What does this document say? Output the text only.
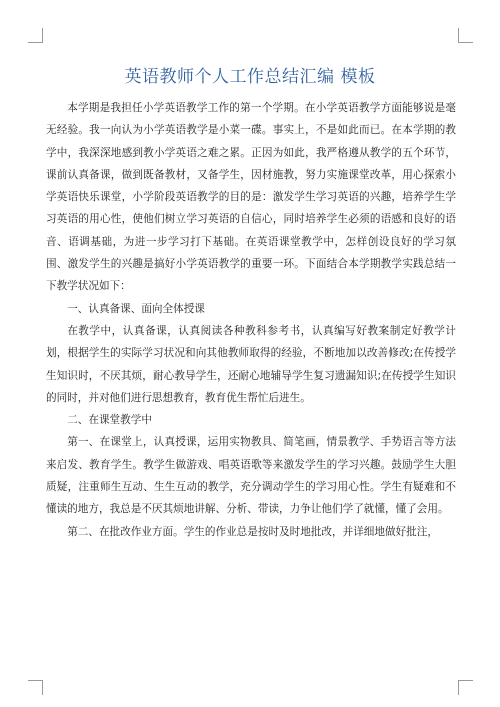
英语教师个人工作总结汇编 模板

本学期是我担任小学英语教学工作的第一个学期。在小学英语教学方面能够说是毫无经验。我一向认为小学英语教学是小菜一碟。事实上，不是如此而已。在本学期的教学中，我深深地感到教小学英语之难之累。正因为如此，我严格遵从教学的五个环节，课前认真备课，做到既备教材，又备学生，因材施教，努力实施课堂改革，用心探索小学英语快乐课堂，小学阶段英语教学的目的是：激发学生学习英语的兴趣，培养学生学习英语的用心性，使他们树立学习英语的自信心，同时培养学生必须的语感和良好的语音、语调基础，为进一步学习打下基础。在英语课堂教学中，怎样创设良好的学习氛围、激发学生的兴趣是搞好小学英语教学的重要一环。下面结合本学期教学实践总结一下教学状况如下：

一、认真备课、面向全体授课

在教学中，认真备课，认真阅读各种教科参考书，认真编写好教案制定好教学计划，根据学生的实际学习状况和向其他教师取得的经验，不断地加以改善修改;在传授学生知识时，不厌其烦，耐心教导学生，还耐心地辅导学生复习遗漏知识;在传授学生知识的同时，并对他们进行思想教育，教育优生帮忙后进生。

二、在课堂教学中

第一、在课堂上，认真授课，运用实物教具、简笔画，情景教学、手势语言等方法来启发、教育学生。教学生做游戏、唱英语歌等来激发学生的学习兴趣。鼓励学生大胆质疑，注重师生互动、生生互动的教学，充分调动学生的学习用心性。学生有疑难和不懂读的地方，我总是不厌其烦地讲解、分析、带读，力争让他们学了就懂，懂了会用。

第二、在批改作业方面。学生的作业总是按时及时地批改，并详细地做好批注，
